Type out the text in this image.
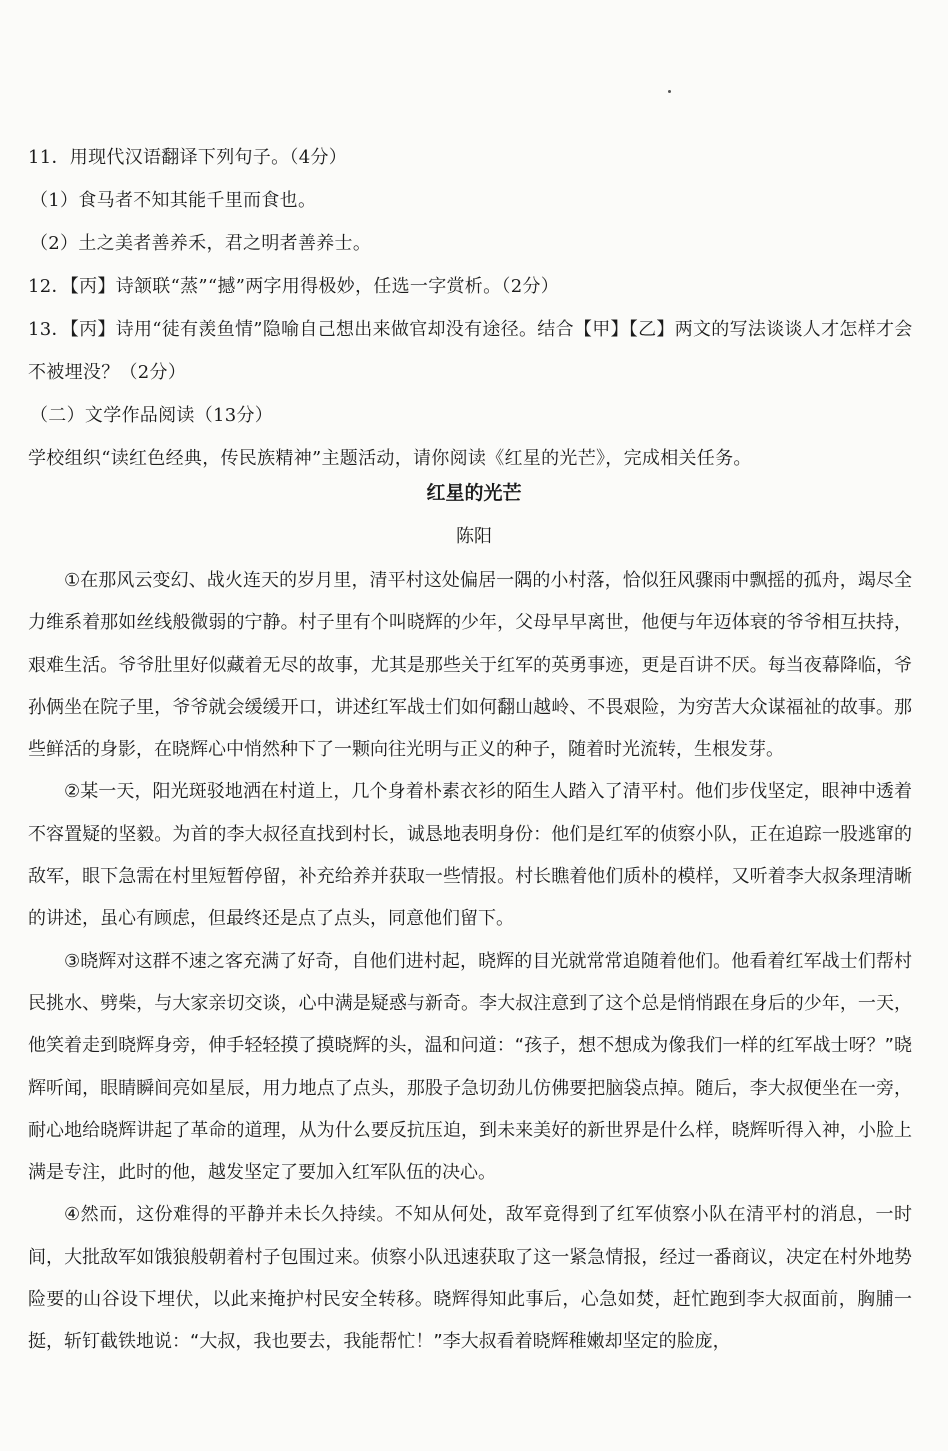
11．用现代汉语翻译下列句子。（4分）

（1）食马者不知其能千里而食也。

（2）土之美者善养禾，君之明者善养士。

12．【丙】诗颔联“蒸”“撼”两字用得极妙，任选一字赏析。（2分）

13．【丙】诗用“徒有羡鱼情”隐喻自己想出来做官却没有途径。结合【甲】【乙】两文的写法谈谈人才怎样才会不被埋没？（2分）

（二）文学作品阅读（13分）

学校组织“读红色经典，传民族精神”主题活动，请你阅读《红星的光芒》，完成相关任务。

红星的光芒
陈阳

①在那风云变幻、战火连天的岁月里，清平村这处偏居一隅的小村落，恰似狂风骤雨中飘摇的孤舟，竭尽全力维系着那如丝线般微弱的宁静。村子里有个叫晓辉的少年，父母早早离世，他便与年迈体衰的爷爷相互扶持，艰难生活。爷爷肚里好似藏着无尽的故事，尤其是那些关于红军的英勇事迹，更是百讲不厌。每当夜幕降临，爷孙俩坐在院子里，爷爷就会缓缓开口，讲述红军战士们如何翻山越岭、不畏艰险，为穷苦大众谋福祉的故事。那些鲜活的身影，在晓辉心中悄然种下了一颗向往光明与正义的种子，随着时光流转，生根发芽。

②某一天，阳光斑驳地洒在村道上，几个身着朴素衣衫的陌生人踏入了清平村。他们步伐坚定，眼神中透着不容置疑的坚毅。为首的李大叔径直找到村长，诚恳地表明身份：他们是红军的侦察小队，正在追踪一股逃窜的敌军，眼下急需在村里短暂停留，补充给养并获取一些情报。村长瞧着他们质朴的模样，又听着李大叔条理清晰的讲述，虽心有顾虑，但最终还是点了点头，同意他们留下。

③晓辉对这群不速之客充满了好奇，自他们进村起，晓辉的目光就常常追随着他们。他看着红军战士们帮村民挑水、劈柴，与大家亲切交谈，心中满是疑惑与新奇。李大叔注意到了这个总是悄悄跟在身后的少年，一天，他笑着走到晓辉身旁，伸手轻轻摸了摸晓辉的头，温和问道：“孩子，想不想成为像我们一样的红军战士呀？”晓辉听闻，眼睛瞬间亮如星辰，用力地点了点头，那股子急切劲儿仿佛要把脑袋点掉。随后，李大叔便坐在一旁，耐心地给晓辉讲起了革命的道理，从为什么要反抗压迫，到未来美好的新世界是什么样，晓辉听得入神，小脸上满是专注，此时的他，越发坚定了要加入红军队伍的决心。

④然而，这份难得的平静并未长久持续。不知从何处，敌军竟得到了红军侦察小队在清平村的消息，一时间，大批敌军如饿狼般朝着村子包围过来。侦察小队迅速获取了这一紧急情报，经过一番商议，决定在村外地势险要的山谷设下埋伏，以此来掩护村民安全转移。晓辉得知此事后，心急如焚，赶忙跑到李大叔面前，胸脯一挺，斩钉截铁地说：“大叔，我也要去，我能帮忙！”李大叔看着晓辉稚嫩却坚定的脸庞，
